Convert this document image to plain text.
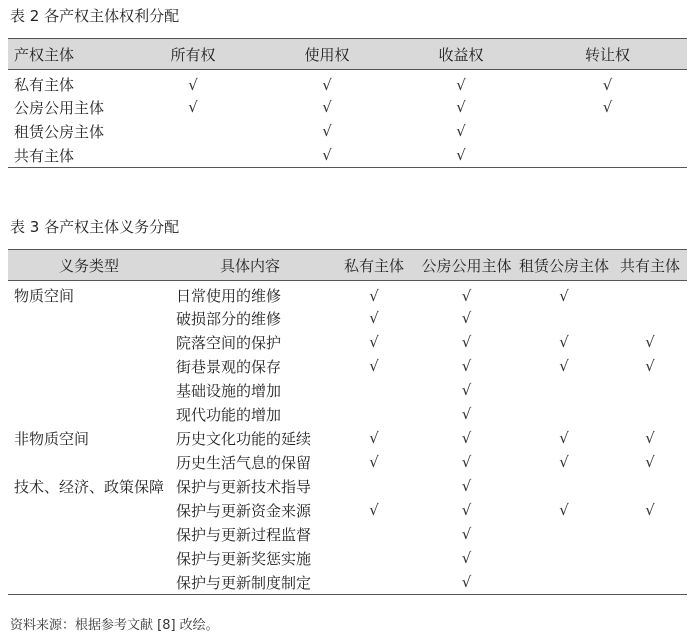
表 2 各产权主体权利分配
产权主体	所有权	使用权	收益权	转让权
私有主体	√	√	√	√
公房公用主体	√	√	√	√
租赁公房主体		√	√	
共有主体		√	√	
表 3 各产权主体义务分配
义务类型	具体内容	私有主体	公房公用主体	租赁公房主体	共有主体
物质空间	日常使用的维修	√	√	√	
	破损部分的维修	√	√		
	院落空间的保护	√	√	√	√
	街巷景观的保存	√	√	√	√
	基础设施的增加		√		
	现代功能的增加		√		
非物质空间	历史文化功能的延续	√	√	√	√
	历史生活气息的保留	√	√	√	√
技术、经济、政策保障	保护与更新技术指导		√		
	保护与更新资金来源	√	√	√	√
	保护与更新过程监督		√		
	保护与更新奖惩实施		√		
	保护与更新制度制定		√		
资料来源：根据参考文献 [8] 改绘。
